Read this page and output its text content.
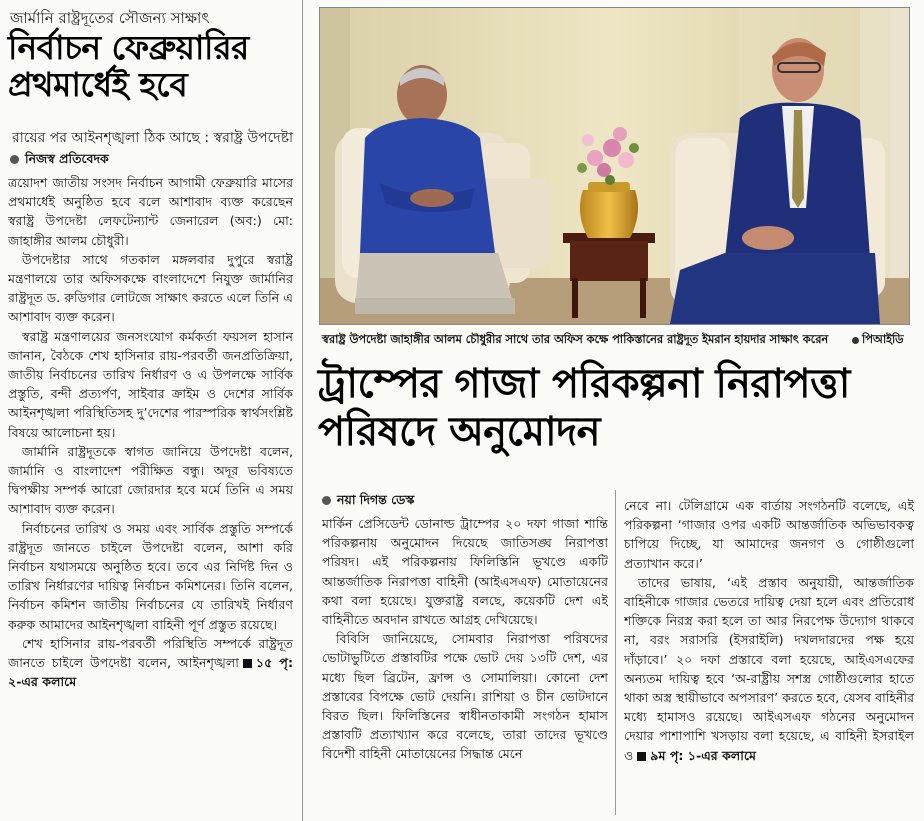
জার্মানি রাষ্ট্রদূতের সৌজন্য সাক্ষাৎ
নির্বাচন ফেব্রুয়ারির
প্রথমার্ধেই হবে
রায়ের পর আইনশৃঙ্খলা ঠিক আছে : স্বরাষ্ট্র উপদেষ্টা
নিজস্ব প্রতিবেদক

ত্রয়োদশ জাতীয় সংসদ নির্বাচন আগামী ফেব্রুয়ারি মাসের প্রথমার্ধেই অনুষ্ঠিত হবে বলে আশাবাদ ব্যক্ত করেছেন স্বরাষ্ট্র উপদেষ্টা লেফটেন্যান্ট জেনারেল (অব:) মো: জাহাঙ্গীর আলম চৌধুরী।

উপদেষ্টার সাথে গতকাল মঙ্গলবার দুপুরে স্বরাষ্ট্র মন্ত্রণালয়ে তার অফিসকক্ষে বাংলাদেশে নিযুক্ত জার্মানির রাষ্ট্রদূত ড. রুডিগার লোটজে সাক্ষাৎ করতে এলে তিনি এ আশাবাদ ব্যক্ত করেন।

স্বরাষ্ট্র মন্ত্রণালয়ের জনসংযোগ কর্মকর্তা ফয়সল হাসান জানান, বৈঠকে শেখ হাসিনার রায়-পরবর্তী জনপ্রতিক্রিয়া, জাতীয় নির্বাচনের তারিখ নির্ধারণ ও এ উপলক্ষে সার্বিক প্রস্তুতি, বন্দী প্রত্যর্পণ, সাইবার ক্রাইম ও দেশের সার্বিক আইনশৃঙ্খলা পরিস্থিতিসহ দু’দেশের পারস্পরিক স্বার্থসংশ্লিষ্ট বিষয়ে আলোচনা হয়।

জার্মানি রাষ্ট্রদূতকে স্বাগত জানিয়ে উপদেষ্টা বলেন, জার্মানি ও বাংলাদেশ পরীক্ষিত বন্ধু। অদূর ভবিষ্যতে দ্বিপক্ষীয় সম্পর্ক আরো জোরদার হবে মর্মে তিনি এ সময় আশাবাদ ব্যক্ত করেন।

নির্বাচনের তারিখ ও সময় এবং সার্বিক প্রস্তুতি সম্পর্কে রাষ্ট্রদূত জানতে চাইলে উপদেষ্টা বলেন, আশা করি নির্বাচন যথাসময়ে অনুষ্ঠিত হবে। তবে এর নির্দিষ্ট দিন ও তারিখ নির্ধারণের দায়িত্ব নির্বাচন কমিশনের। তিনি বলেন, নির্বাচন কমিশন জাতীয় নির্বাচনের যে তারিখই নির্ধারণ করুক আমাদের আইনশৃঙ্খলা বাহিনী পূর্ণ প্রস্তুত রয়েছে।

শেখ হাসিনার রায়-পরবর্তী পরিস্থিতি সম্পর্কে রাষ্ট্রদূত জানতে চাইলে উপদেষ্টা বলেন, আইনশৃঙ্খলা ১৫ পৃ: ২-এর কলামে

স্বরাষ্ট্র উপদেষ্টা জাহাঙ্গীর আলম চৌধুরীর সাথে তার অফিস কক্ষে পাকিস্তানের রাষ্ট্রদূত ইমরান হায়দার সাক্ষাৎ করেন	পিআইডি
ট্রাম্পের গাজা পরিকল্পনা নিরাপত্তা
পরিষদে অনুমোদন
নয়া দিগন্ত ডেস্ক

মার্কিন প্রেসিডেন্ট ডোনাল্ড ট্রাম্পের ২০ দফা গাজা শান্তি পরিকল্পনায় অনুমোদন দিয়েছে জাতিসঙ্ঘ নিরাপত্তা পরিষদ। এই পরিকল্পনায় ফিলিস্তিনি ভূখণ্ডে একটি আন্তর্জাতিক নিরাপত্তা বাহিনী (আইএসএফ) মোতায়েনের কথা বলা হয়েছে। যুক্তরাষ্ট্র বলছে, কয়েকটি দেশ এই বাহিনীতে অবদান রাখতে আগ্রহ দেখিয়েছে।

বিবিসি জানিয়েছে, সোমবার নিরাপত্তা পরিষদের ভোটাভুটিতে প্রস্তাবটির পক্ষে ভোট দেয় ১৩টি দেশ, এর মধ্যে ছিল ব্রিটেন, ফ্রান্স ও সোমালিয়া। কোনো দেশ প্রস্তাবের বিপক্ষে ভোট দেয়নি। রাশিয়া ও চীন ভোটদানে বিরত ছিল। ফিলিস্তিনের স্বাধীনতাকামী সংগঠন হামাস প্রস্তাবটি প্রত্যাখ্যান করে বলেছে, তারা তাদের ভূখণ্ডে বিদেশী বাহিনী মোতায়েনের সিদ্ধান্ত মেনে

নেবে না। টেলিগ্রামে এক বার্তায় সংগঠনটি বলেছে, এই পরিকল্পনা ‘গাজার ওপর একটি আন্তর্জাতিক অভিভাবকত্ব চাপিয়ে দিচ্ছে, যা আমাদের জনগণ ও গোষ্ঠীগুলো প্রত্যাখান করে।’

তাদের ভাষায়, ‘এই প্রস্তাব অনুযায়ী, আন্তর্জাতিক বাহিনীকে গাজার ভেতরে দায়িত্ব দেয়া হলে এবং প্রতিরোধ শক্তিকে নিরস্ত্র করা হলে তা আর নিরপেক্ষ উদ্যোগ থাকবে না, বরং সরাসরি (ইসরাইলি) দখলদারদের পক্ষ হয়ে দাঁড়াবে।’ ২০ দফা প্রস্তাবে বলা হয়েছে, আইএসএফের অন্যতম দায়িত্ব হবে ‘অ-রাষ্ট্রীয় সশস্ত্র গোষ্ঠীগুলোর হাতে থাকা অস্ত্র স্থায়ীভাবে অপসারণ’ করতে হবে, যেসব বাহিনীর মধ্যে হামাসও রয়েছে। আইএসএফ গঠনের অনুমোদন দেয়ার পাশাপাশি খসড়ায় বলা হয়েছে, এ বাহিনী ইসরাইল ও ৯ম পৃ: ১-এর কলামে
